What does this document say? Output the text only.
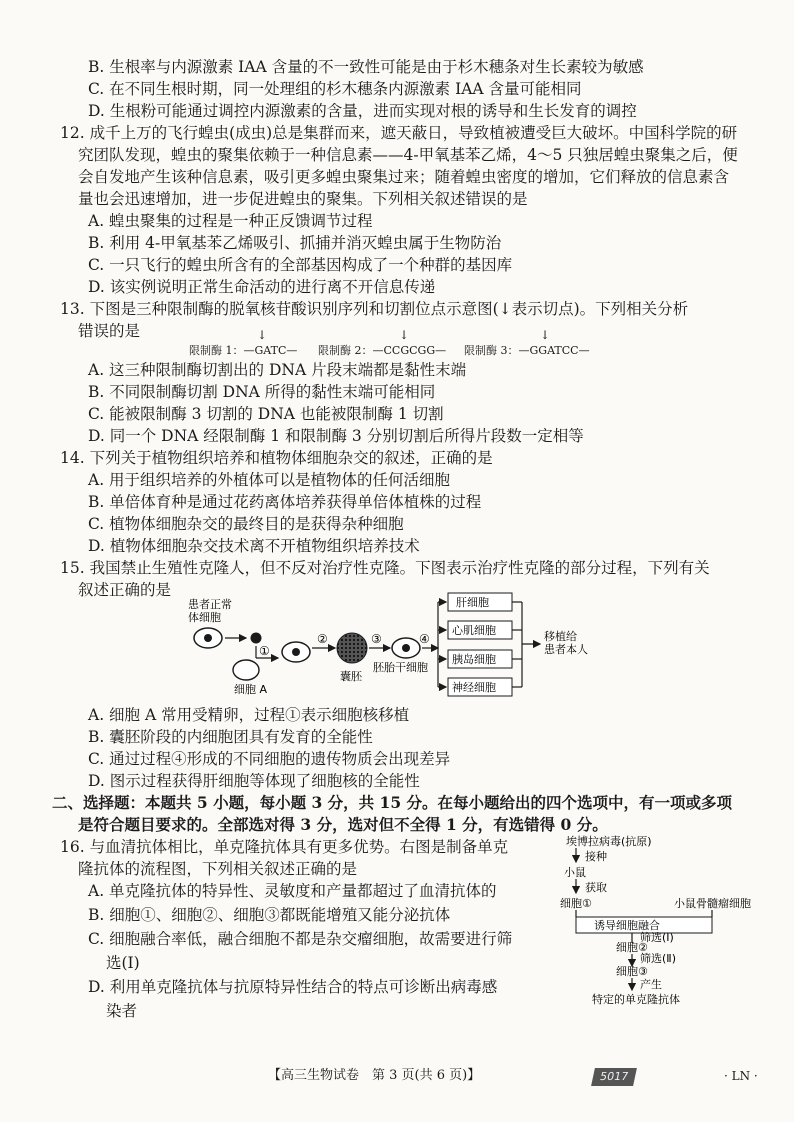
B. 生根率与内源激素 IAA 含量的不一致性可能是由于杉木穗条对生长素较为敏感
C. 在不同生根时期，同一处理组的杉木穗条内源激素 IAA 含量可能相同
D. 生根粉可能通过调控内源激素的含量，进而实现对根的诱导和生长发育的调控
12. 成千上万的飞行蝗虫(成虫)总是集群而来，遮天蔽日，导致植被遭受巨大破坏。中国科学院的研
究团队发现，蝗虫的聚集依赖于一种信息素——4-甲氧基苯乙烯，4～5 只独居蝗虫聚集之后，便
会自发地产生该种信息素，吸引更多蝗虫聚集过来；随着蝗虫密度的增加，它们释放的信息素含
量也会迅速增加，进一步促进蝗虫的聚集。下列相关叙述错误的是
A. 蝗虫聚集的过程是一种正反馈调节过程
B. 利用 4-甲氧基苯乙烯吸引、抓捕并消灭蝗虫属于生物防治
C. 一只飞行的蝗虫所含有的全部基因构成了一个种群的基因库
D. 该实例说明正常生命活动的进行离不开信息传递
13. 下图是三种限制酶的脱氧核苷酸识别序列和切割位点示意图(↓表示切点)。下列相关分析
错误的是
限制酶 1：—GATC—
↓
限制酶 2：—CCGCGG—
↓
限制酶 3：—GGATCC—
↓
A. 这三种限制酶切割出的 DNA 片段末端都是黏性末端
B. 不同限制酶切割 DNA 所得的黏性末端可能相同
C. 能被限制酶 3 切割的 DNA 也能被限制酶 1 切割
D. 同一个 DNA 经限制酶 1 和限制酶 3 分别切割后所得片段数一定相等
14. 下列关于植物组织培养和植物体细胞杂交的叙述，正确的是
A. 用于组织培养的外植体可以是植物体的任何活细胞
B. 单倍体育种是通过花药离体培养获得单倍体植株的过程
C. 植物体细胞杂交的最终目的是获得杂种细胞
D. 植物体细胞杂交技术离不开植物组织培养技术
15. 我国禁止生殖性克隆人，但不反对治疗性克隆。下图表示治疗性克隆的部分过程，下列有关
叙述正确的是
患者正常
体细胞
①
细胞 A
②
囊胚
③
胚胎干细胞
④
肝细胞
心肌细胞
胰岛细胞
神经细胞
移植给
患者本人
A. 细胞 A 常用受精卵，过程①表示细胞核移植
B. 囊胚阶段的内细胞团具有发育的全能性
C. 通过过程④形成的不同细胞的遗传物质会出现差异
D. 图示过程获得肝细胞等体现了细胞核的全能性
二、选择题：本题共 5 小题，每小题 3 分，共 15 分。在每小题给出的四个选项中，有一项或多项
是符合题目要求的。全部选对得 3 分，选对但不全得 1 分，有选错得 0 分。
16. 与血清抗体相比，单克隆抗体具有更多优势。右图是制备单克
隆抗体的流程图，下列相关叙述正确的是
A. 单克隆抗体的特异性、灵敏度和产量都超过了血清抗体的
B. 细胞①、细胞②、细胞③都既能增殖又能分泌抗体
C. 细胞融合率低，融合细胞不都是杂交瘤细胞，故需要进行筛
选(Ⅰ)
D. 利用单克隆抗体与抗原特异性结合的特点可诊断出病毒感
染者
埃博拉病毒(抗原)
接种
小鼠
获取
细胞①	小鼠骨髓瘤细胞
诱导细胞融合
细胞②
筛选(Ⅰ)
筛选(Ⅱ)
细胞③
产生
特定的单克隆抗体
【高三生物试卷　第 3 页(共 6 页)】	5017	· LN ·
